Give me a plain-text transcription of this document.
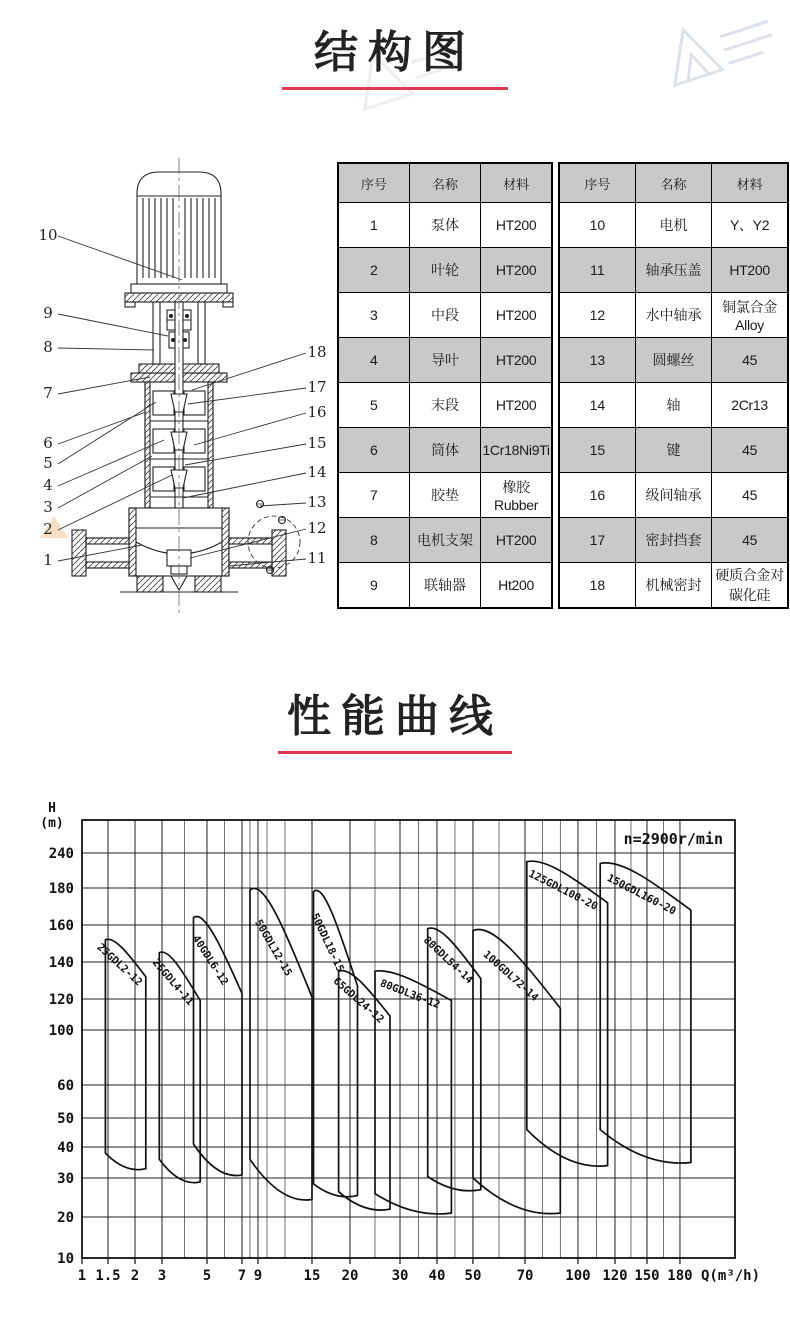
结构图
10
9
8
7
6
5
4
3
2
1
18
17
16
15
14
13
12
11
序号	名称	材料
1	泵体	HT200
2	叶轮	HT200
3	中段	HT200
4	导叶	HT200
5	末段	HT200
6	筒体	1Cr18Ni9Ti
7	胶垫	橡胶 Rubber
8	电机支架	HT200
9	联轴器	Ht200
序号	名称	材料
10	电机	Y、Y2
11	轴承压盖	HT200
12	水中轴承	铜氯合金 Alloy
13	圆螺丝	45
14	轴	2Cr13
15	键	45
16	级间轴承	45
17	密封挡套	45
18	机械密封	硬质合金对碳化硅
性能曲线
240
180
160
140
120
100
60
50
40
30
20
10
1 1.5 2 3	5 7 9	15 20 30 40 50	70 100 120 150 180
H
(m)
Q(m³/h)
n=2900r/min
25GDL2-12 25GDL4-11
40GDL6-12 50GDL12-15 50GDL18-15
65GDL24-12
80GDL36-12
80GDL54-14 100GDL72-14
125GDL100-20 150GDL160-20
